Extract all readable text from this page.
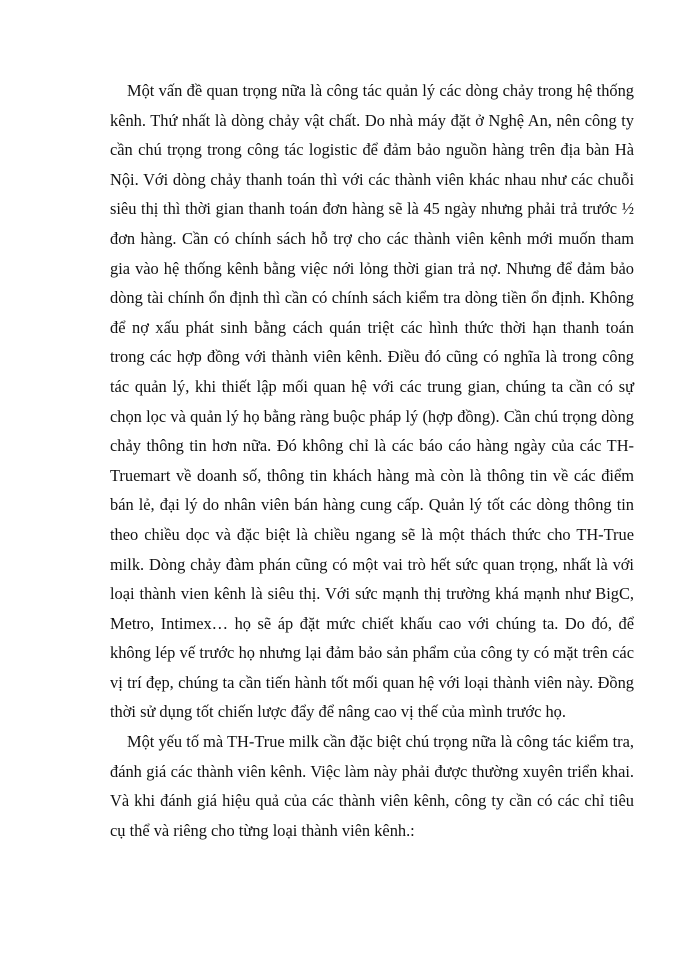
Một vấn đề quan trọng nữa là công tác quản lý các dòng chảy trong hệ thống kênh. Thứ nhất là dòng chảy vật chất. Do nhà máy đặt ở Nghệ An, nên công ty cần chú trọng trong công tác logistic để đảm bảo nguồn hàng trên địa bàn Hà Nội. Với dòng chảy thanh toán thì với các thành viên khác nhau như các chuỗi siêu thị thì thời gian thanh toán đơn hàng sẽ là 45 ngày nhưng phải trả trước ½ đơn hàng. Cần có chính sách hỗ trợ cho các thành viên kênh mới muốn tham gia vào hệ thống kênh bằng việc nới lỏng thời gian trả nợ. Nhưng để đảm bảo dòng tài chính ổn định thì cần có chính sách kiểm tra dòng tiền ổn định. Không để nợ xấu phát sinh bằng cách quán triệt các hình thức thời hạn thanh toán trong các hợp đồng với thành viên kênh. Điều đó cũng có nghĩa là trong công tác quản lý, khi thiết lập mối quan hệ với các trung gian, chúng ta cần có sự chọn lọc và quản lý họ bằng ràng buộc pháp lý (hợp đồng). Cần chú trọng dòng chảy thông tin hơn nữa. Đó không chỉ là các báo cáo hàng ngày của các TH-Truemart về doanh số, thông tin khách hàng mà còn là thông tin về các điểm bán lẻ, đại lý do nhân viên bán hàng cung cấp. Quản lý tốt các dòng thông tin theo chiều dọc và đặc biệt là chiều ngang sẽ là một thách thức cho TH-True milk. Dòng chảy đàm phán cũng có một vai trò hết sức quan trọng, nhất là với loại thành vien kênh là siêu thị. Với sức mạnh thị trường khá mạnh như BigC, Metro, Intimex… họ sẽ áp đặt mức chiết khấu cao với chúng ta. Do đó, để không lép vế trước họ nhưng lại đảm bảo sản phẩm của công ty có mặt trên các vị trí đẹp, chúng ta cần tiến hành tốt mối quan hệ với loại thành viên này. Đồng thời sử dụng tốt chiến lược đẩy để nâng cao vị thế của mình trước họ.

Một yếu tố mà TH-True milk cần đặc biệt chú trọng nữa là công tác kiểm tra, đánh giá các thành viên kênh. Việc làm này phải được thường xuyên triển khai. Và khi đánh giá hiệu quả của các thành viên kênh, công ty cần có các chỉ tiêu cụ thể và riêng cho từng loại thành viên kênh.:
